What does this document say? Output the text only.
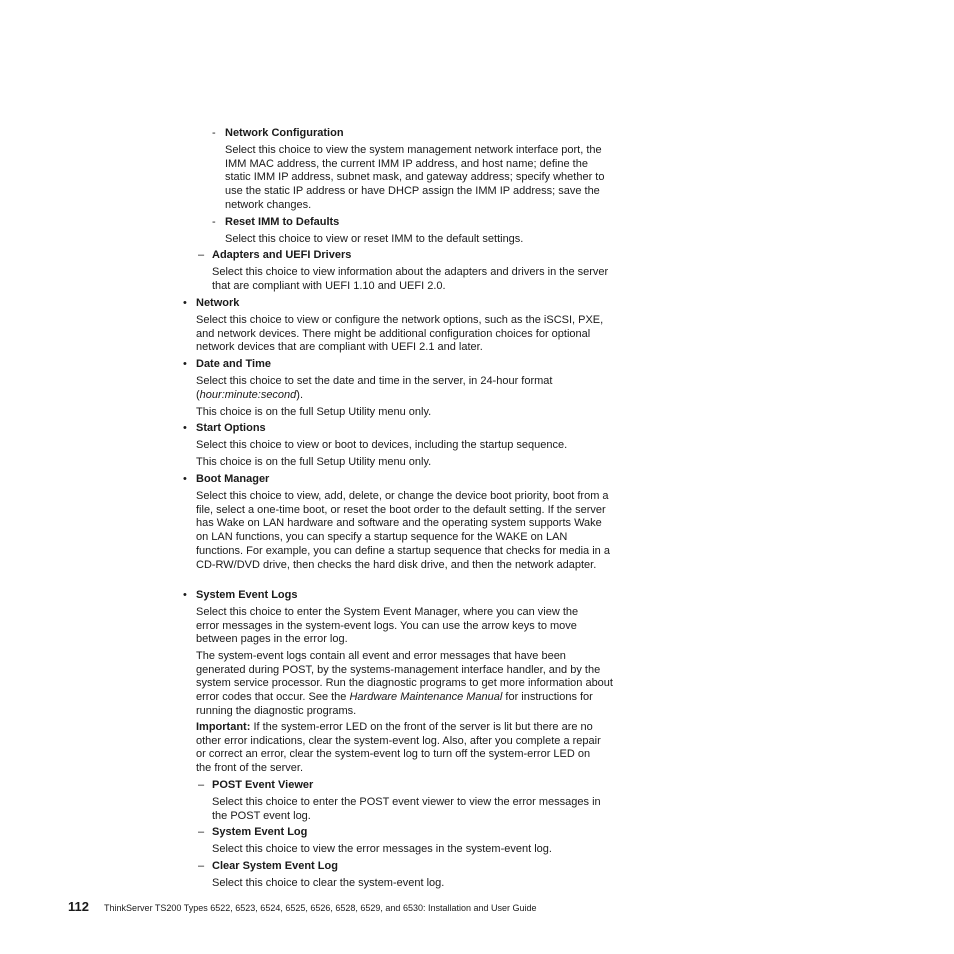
- Network Configuration

Select this choice to view the system management network interface port, the IMM MAC address, the current IMM IP address, and host name; define the static IMM IP address, subnet mask, and gateway address; specify whether to use the static IP address or have DHCP assign the IMM IP address; save the network changes.

- Reset IMM to Defaults

Select this choice to view or reset IMM to the default settings.

– Adapters and UEFI Drivers

Select this choice to view information about the adapters and drivers in the server that are compliant with UEFI 1.10 and UEFI 2.0.

• Network

Select this choice to view or configure the network options, such as the iSCSI, PXE, and network devices. There might be additional configuration choices for optional network devices that are compliant with UEFI 2.1 and later.

• Date and Time

Select this choice to set the date and time in the server, in 24-hour format (hour:minute:second).

This choice is on the full Setup Utility menu only.

• Start Options

Select this choice to view or boot to devices, including the startup sequence.

This choice is on the full Setup Utility menu only.

• Boot Manager

Select this choice to view, add, delete, or change the device boot priority, boot from a file, select a one-time boot, or reset the boot order to the default setting. If the server has Wake on LAN hardware and software and the operating system supports Wake on LAN functions, you can specify a startup sequence for the WAKE on LAN functions. For example, you can define a startup sequence that checks for media in a CD-RW/DVD drive, then checks the hard disk drive, and then the network adapter.

• System Event Logs

Select this choice to enter the System Event Manager, where you can view the error messages in the system-event logs. You can use the arrow keys to move between pages in the error log.

The system-event logs contain all event and error messages that have been generated during POST, by the systems-management interface handler, and by the system service processor. Run the diagnostic programs to get more information about error codes that occur. See the Hardware Maintenance Manual for instructions for running the diagnostic programs.

Important: If the system-error LED on the front of the server is lit but there are no other error indications, clear the system-event log. Also, after you complete a repair or correct an error, clear the system-event log to turn off the system-error LED on the front of the server.

– POST Event Viewer

Select this choice to enter the POST event viewer to view the error messages in the POST event log.

– System Event Log

Select this choice to view the error messages in the system-event log.

– Clear System Event Log

Select this choice to clear the system-event log.

112 ThinkServer TS200 Types 6522, 6523, 6524, 6525, 6526, 6528, 6529, and 6530: Installation and User Guide
